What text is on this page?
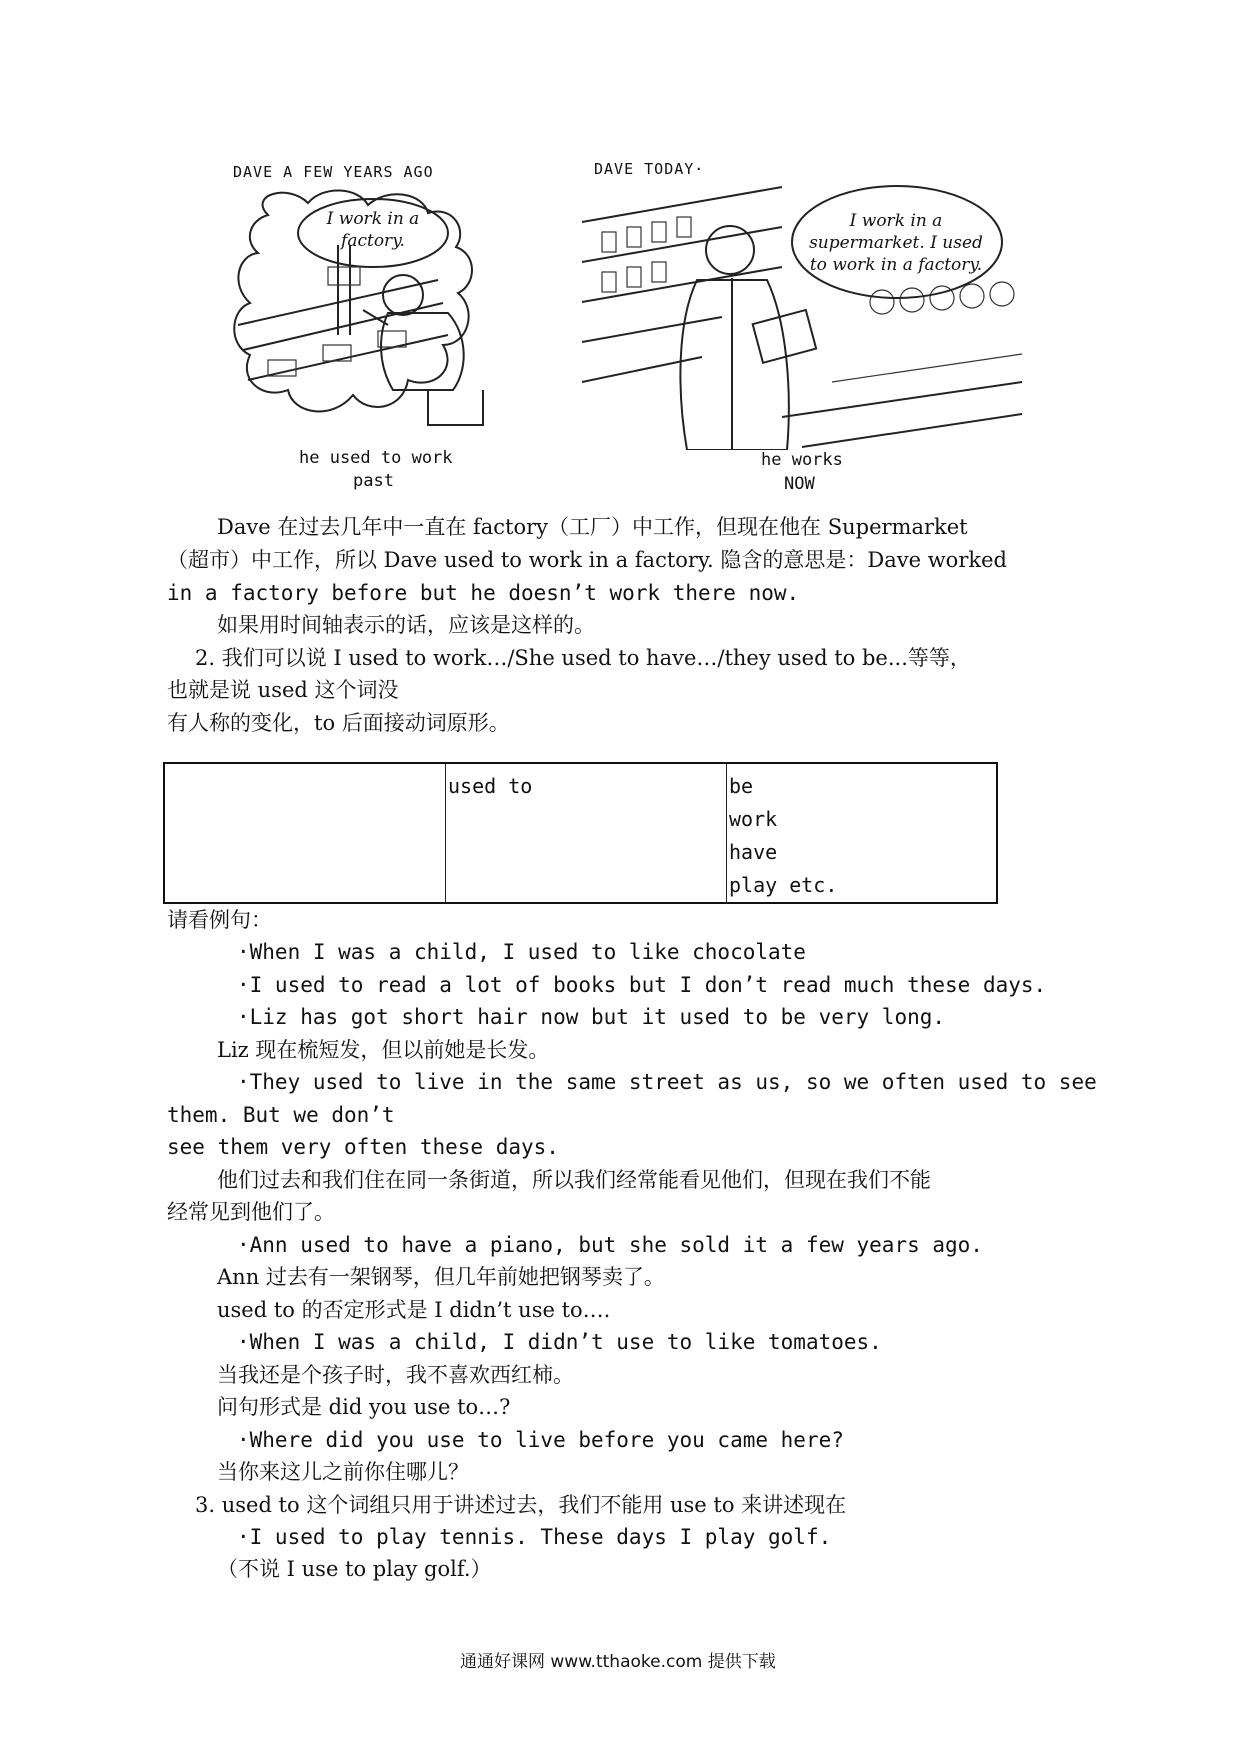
DAVE A FEW YEARS AGO
I work in a factory.
he used to work
past
DAVE TODAY·
I work in a supermarket. I used to work in a factory.
he works
NOW
Dave 在过去几年中一直在 factory（工厂）中工作，但现在他在 Supermarket
（超市）中工作，所以 Dave used to work in a factory. 隐含的意思是：Dave worked
in a factory before but he doesn’t work there now.
如果用时间轴表示的话，应该是这样的。
2. 我们可以说 I used to work…/She used to have…/they used to be...等等，
也就是说 used 这个词没
有人称的变化，to 后面接动词原形。
	used to	be
work
have
play etc.
请看例句：
·When I was a child, I used to like chocolate
·I used to read a lot of books but I don’t read much these days.
·Liz has got short hair now but it used to be very long.
Liz 现在梳短发，但以前她是长发。
·They used to live in the same street as us, so we often used to see
them. But we don’t
see them very often these days.
他们过去和我们住在同一条街道，所以我们经常能看见他们，但现在我们不能
经常见到他们了。
·Ann used to have a piano, but she sold it a few years ago.
Ann 过去有一架钢琴，但几年前她把钢琴卖了。
used to 的否定形式是 I didn’t use to….
·When I was a child, I didn’t use to like tomatoes.
当我还是个孩子时，我不喜欢西红柿。
问句形式是 did you use to…?
·Where did you use to live before you came here?
当你来这儿之前你住哪儿？
3. used to 这个词组只用于讲述过去，我们不能用 use to 来讲述现在
·I used to play tennis. These days I play golf.
（不说 I use to play golf.）
通通好课网 www.tthaoke.com 提供下载
